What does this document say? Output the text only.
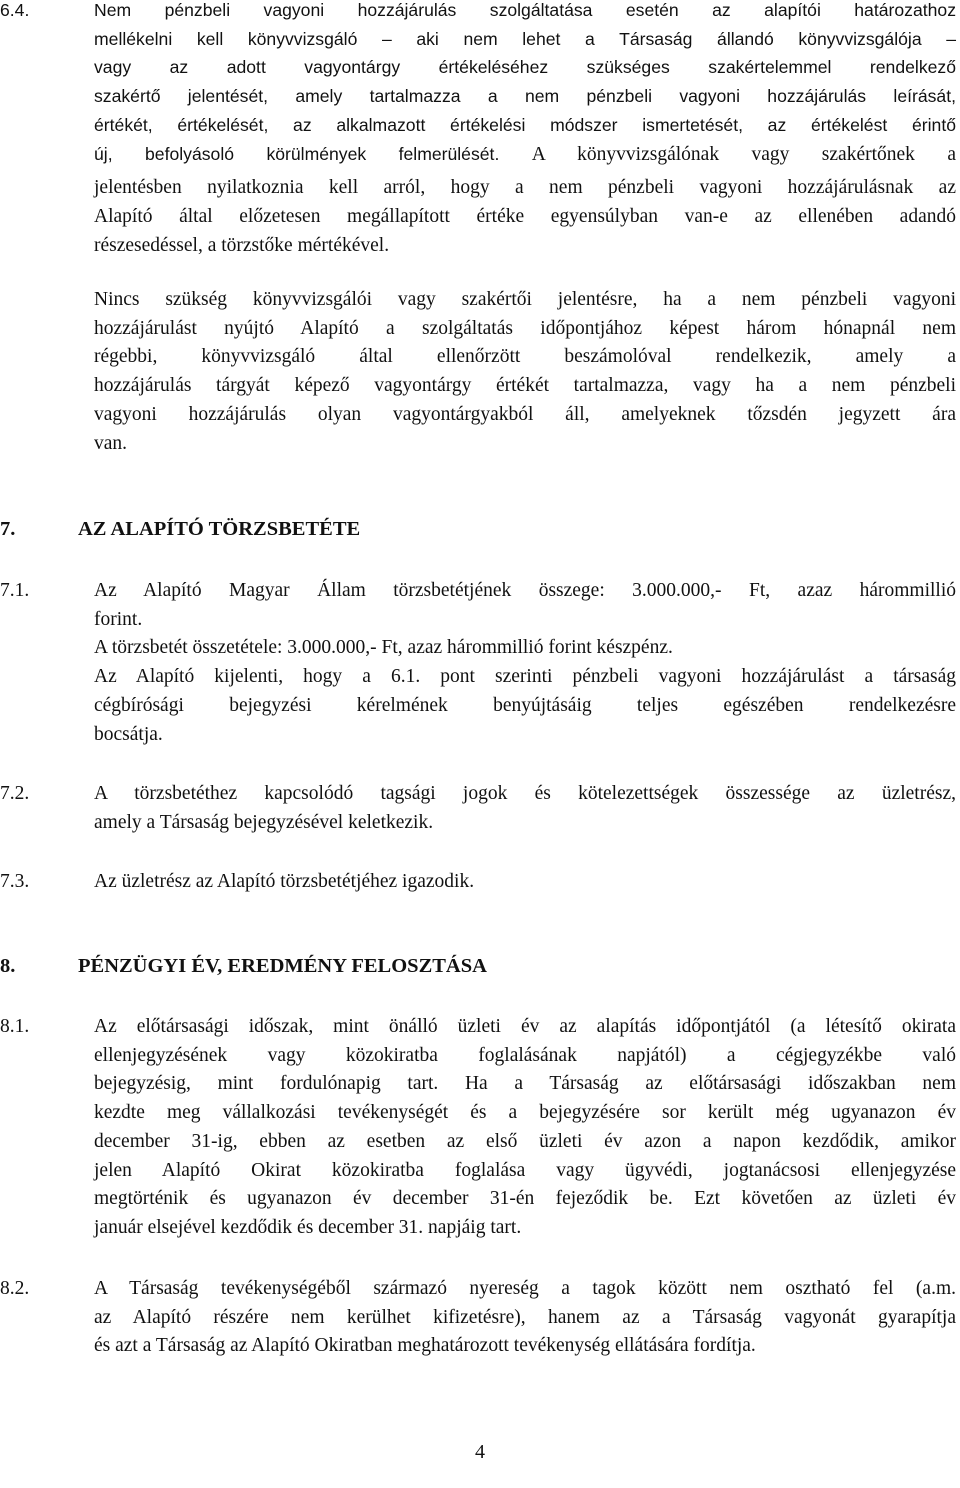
6.4.	Nem pénzbeli vagyoni hozzájárulás szolgáltatása esetén az alapítói határozathoz
mellékelni kell könyvvizsgáló – aki nem lehet a Társaság állandó könyvvizsgálója –
vagy az adott vagyontárgy értékeléséhez szükséges szakértelemmel rendelkező
szakértő jelentését, amely tartalmazza a nem pénzbeli vagyoni hozzájárulás leírását,
értékét, értékelését, az alkalmazott értékelési módszer ismertetését, az értékelést érintő
új, befolyásoló körülmények felmerülését. A könyvvizsgálónak vagy szakértőnek a
jelentésben nyilatkoznia kell arról, hogy a nem pénzbeli vagyoni hozzájárulásnak az
Alapító által előzetesen megállapított értéke egyensúlyban van-e az ellenében adandó
részesedéssel, a törzstőke mértékével.
Nincs szükség könyvvizsgálói vagy szakértői jelentésre, ha a nem pénzbeli vagyoni
hozzájárulást nyújtó Alapító a szolgáltatás időpontjához képest három hónapnál nem
régebbi, könyvvizsgáló által ellenőrzött beszámolóval rendelkezik, amely a
hozzájárulás tárgyát képező vagyontárgy értékét tartalmazza, vagy ha a nem pénzbeli
vagyoni hozzájárulás olyan vagyontárgyakból áll, amelyeknek tőzsdén jegyzett ára
van.
7.	AZ ALAPÍTÓ TÖRZSBETÉTE
7.1.	Az Alapító Magyar Állam törzsbetétjének összege: 3.000.000,- Ft, azaz hárommillió
forint.
A törzsbetét összetétele: 3.000.000,- Ft, azaz hárommillió forint készpénz.
Az Alapító kijelenti, hogy a 6.1. pont szerinti pénzbeli vagyoni hozzájárulást a társaság
cégbírósági bejegyzési kérelmének benyújtásáig teljes egészében rendelkezésre
bocsátja.
7.2.	A törzsbetéthez kapcsolódó tagsági jogok és kötelezettségek összessége az üzletrész,
amely a Társaság bejegyzésével keletkezik.
7.3.	Az üzletrész az Alapító törzsbetétjéhez igazodik.
8.	PÉNZÜGYI ÉV, EREDMÉNY FELOSZTÁSA
8.1.	Az előtársasági időszak, mint önálló üzleti év az alapítás időpontjától (a létesítő okirata
ellenjegyzésének vagy közokiratba foglalásának napjától) a cégjegyzékbe való
bejegyzésig, mint fordulónapig tart. Ha a Társaság az előtársasági időszakban nem
kezdte meg vállalkozási tevékenységét és a bejegyzésére sor került még ugyanazon év
december 31-ig, ebben az esetben az első üzleti év azon a napon kezdődik, amikor
jelen Alapító Okirat közokiratba foglalása vagy ügyvédi, jogtanácsosi ellenjegyzése
megtörténik és ugyanazon év december 31-én fejeződik be. Ezt követően az üzleti év
január elsejével kezdődik és december 31. napjáig tart.
8.2.	A Társaság tevékenységéből származó nyereség a tagok között nem osztható fel (a.m.
az Alapító részére nem kerülhet kifizetésre), hanem az a Társaság vagyonát gyarapítja
és azt a Társaság az Alapító Okiratban meghatározott tevékenység ellátására fordítja.
4
